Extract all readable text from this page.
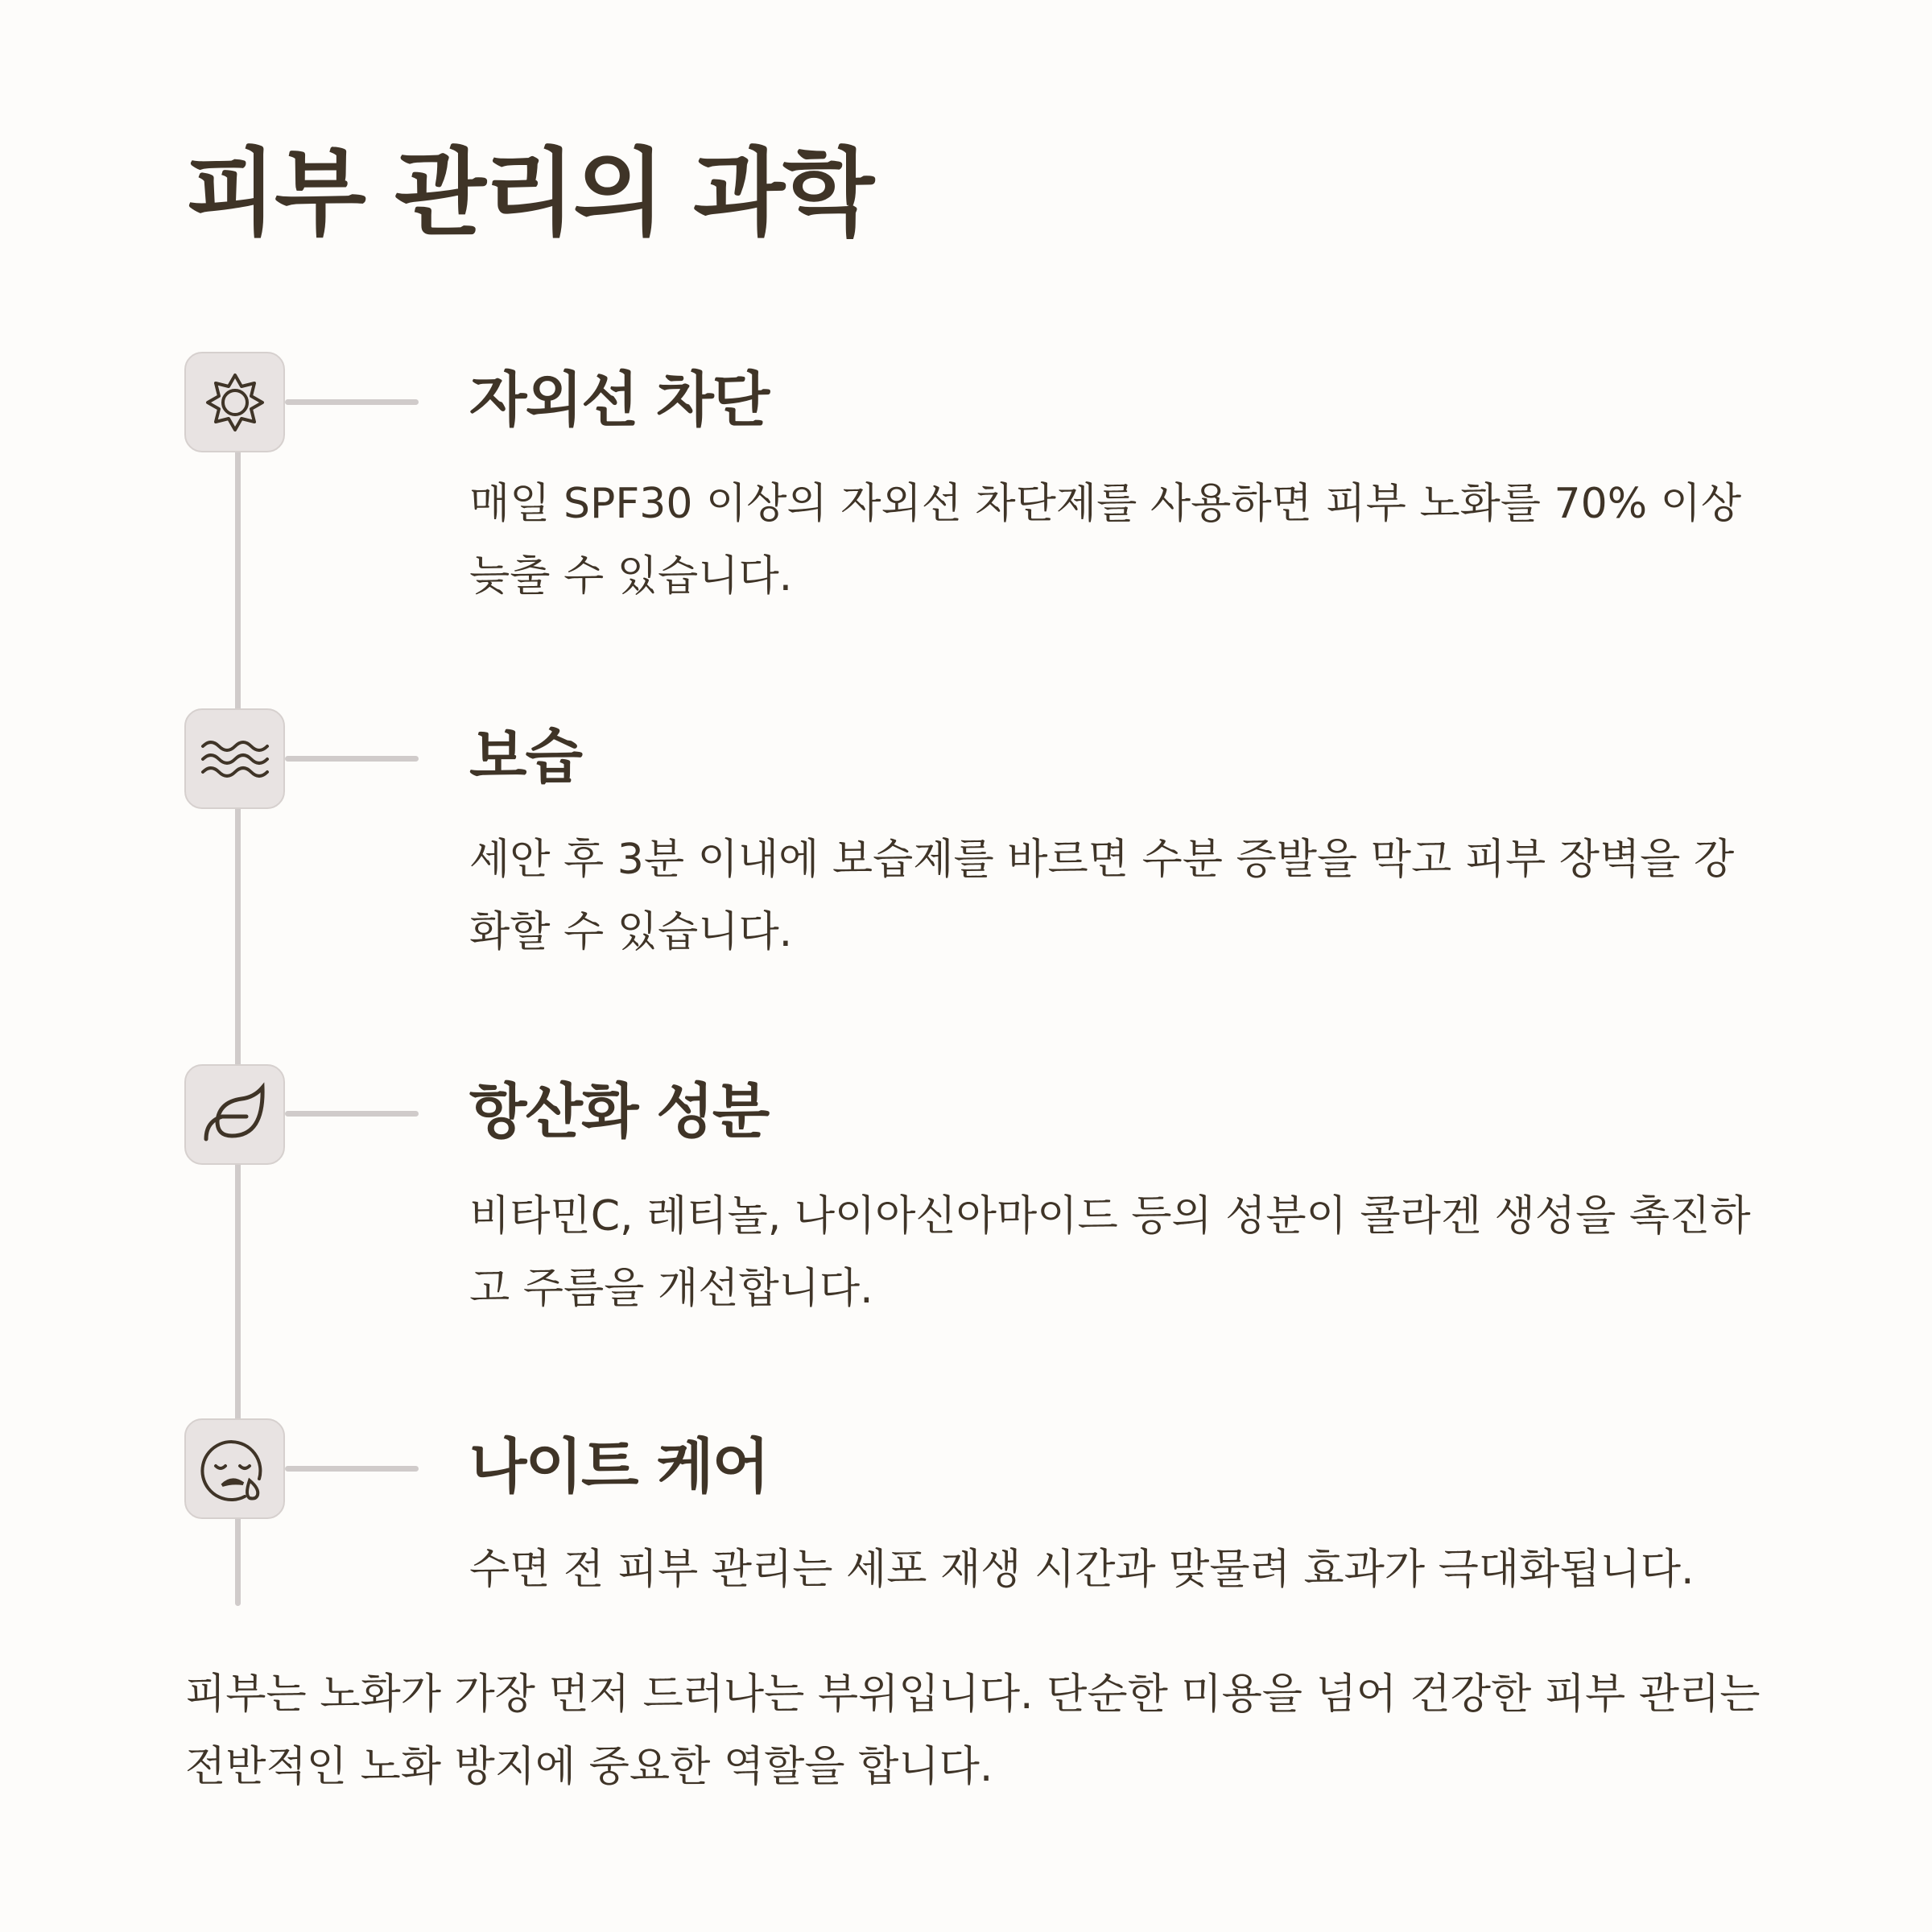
피부 관리의 과학
자외선 차단

매일 SPF30 이상의 자외선 차단제를 사용하면 피부 노화를 70% 이상 늦출 수 있습니다.

보습

세안 후 3분 이내에 보습제를 바르면 수분 증발을 막고 피부 장벽을 강화할 수 있습니다.

항산화 성분

비타민C, 레티놀, 나이아신아마이드 등의 성분이 콜라겐 생성을 촉진하고 주름을 개선합니다.

나이트 케어

수면 전 피부 관리는 세포 재생 시간과 맞물려 효과가 극대화됩니다.

피부는 노화가 가장 먼저 드러나는 부위입니다. 단순한 미용을 넘어 건강한 피부 관리는 전반적인 노화 방지에 중요한 역할을 합니다.
